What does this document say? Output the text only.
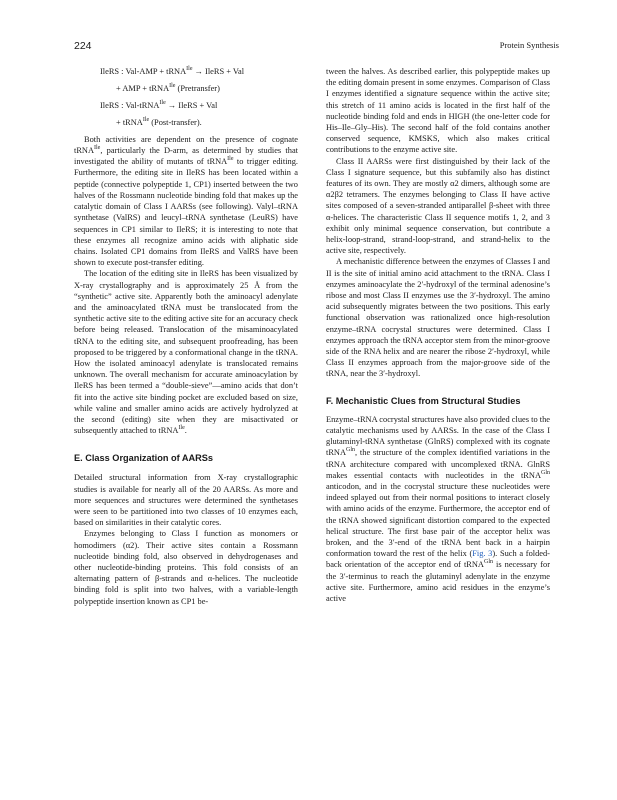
224	Protein Synthesis

IleRS : Val-AMP + tRNA$^{Ile}$ → IleRS + Val

+ AMP + tRNA$^{Ile}$ (Pretransfer)

IleRS : Val-tRNA$^{Ile}$ → IleRS + Val

+ tRNA$^{Ile}$ (Post-transfer).

Both activities are dependent on the presence of cognate tRNA$^{Ile}$, particularly the D-arm, as determined by studies that investigated the ability of mutants of tRNA$^{Ile}$ to trigger editing. Furthermore, the editing site in IleRS has been located within a peptide (connective polypeptide 1, CP1) inserted between the two halves of the Rossmann nucleotide binding fold that makes up the catalytic domain of Class I AARSs (see following). Valyl–tRNA synthetase (ValRS) and leucyl–tRNA synthetase (LeuRS) have sequences in CP1 similar to IleRS; it is interesting to note that these enzymes all recognize amino acids with aliphatic side chains. Isolated CP1 domains from IleRS and ValRS have been shown to execute post-transfer editing.

The location of the editing site in IleRS has been visualized by X-ray crystallography and is approximately 25 Å from the “synthetic” active site. Apparently both the aminoacyl adenylate and the aminoacylated tRNA must be translocated from the synthetic active site to the editing active site for an accuracy check before being released. Translocation of the misaminoacylated tRNA to the editing site, and subsequent proofreading, has been proposed to be triggered by a conformational change in the tRNA. How the isolated aminoacyl adenylate is translocated remains unknown. The overall mechanism for accurate aminoacylation by IleRS has been termed a “double-sieve”—amino acids that don’t fit into the active site binding pocket are excluded based on size, while valine and smaller amino acids are actively hydrolyzed at the second (editing) site when they are misactivated or subsequently attached to tRNA$^{Ile}$.

E. Class Organization of AARSs

Detailed structural information from X-ray crystallographic studies is available for nearly all of the 20 AARSs. As more and more sequences and structures were determined the synthetases were seen to be partitioned into two classes of 10 enzymes each, based on similarities in their catalytic cores.

Enzymes belonging to Class I function as monomers or homodimers (α2). Their active sites contain a Rossmann nucleotide binding fold, also observed in dehydrogenases and other nucleotide-binding proteins. This fold consists of an alternating pattern of β-strands and α-helices. The nucleotide binding fold is split into two halves, with a variable-length polypeptide insertion known as CP1 be-

tween the halves. As described earlier, this polypeptide makes up the editing domain present in some enzymes. Comparison of Class I enzymes identified a signature sequence within the active site; this stretch of 11 amino acids is located in the first half of the nucleotide binding fold and ends in HIGH (the one-letter code for His–Ile–Gly–His). The second half of the fold contains another conserved sequence, KMSKS, which also makes critical contributions to the enzyme active site.

Class II AARSs were first distinguished by their lack of the Class I signature sequence, but this subfamily also has distinct features of its own. They are mostly α2 dimers, although some are α2β2 tetramers. The enzymes belonging to Class II have active sites composed of a seven-stranded antiparallel β-sheet with three α-helices. The characteristic Class II sequence motifs 1, 2, and 3 exhibit only minimal sequence conservation, but contribute a helix-loop-strand, strand-loop-strand, and strand-helix to the active site, respectively.

A mechanistic difference between the enzymes of Classes I and II is the site of initial amino acid attachment to the tRNA. Class I enzymes aminoacylate the 2′-hydroxyl of the terminal adenosine’s ribose and most Class II enzymes use the 3′-hydroxyl. The amino acid subsequently migrates between the two positions. This early functional observation was rationalized once high-resolution enzyme–tRNA cocrystal structures were determined. Class I enzymes approach the tRNA acceptor stem from the minor-groove side of the RNA helix and are nearer the ribose 2′-hydroxyl, while Class II enzymes approach from the major-groove side of the tRNA, near the 3′-hydroxyl.

F. Mechanistic Clues from Structural Studies

Enzyme–tRNA cocrystal structures have also provided clues to the catalytic mechanisms used by AARSs. In the case of the Class I glutaminyl-tRNA synthetase (GlnRS) complexed with its cognate tRNA$^{Gln}$, the structure of the complex identified variations in the tRNA architecture compared with uncomplexed tRNA. GlnRS makes essential contacts with nucleotides in the tRNA$^{Gln}$ anticodon, and in the cocrystal structure these nucleotides were indeed splayed out from their normal positions to interact closely with amino acids of the enzyme. Furthermore, the acceptor end of the tRNA showed significant distortion compared to the expected helical structure. The first base pair of the acceptor helix was broken, and the 3′-end of the tRNA bent back in a hairpin conformation toward the rest of the helix (Fig. 3). Such a folded-back orientation of the acceptor end of tRNA$^{Gln}$ is necessary for the 3′-terminus to reach the glutaminyl adenylate in the enzyme active site. Furthermore, amino acid residues in the enzyme’s active
